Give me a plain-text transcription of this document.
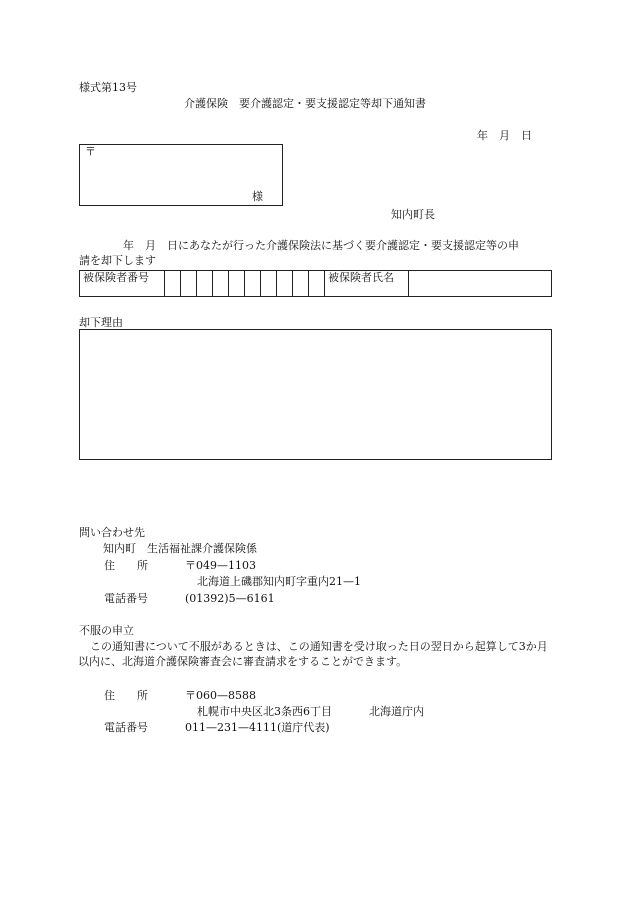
様式第13号
介護保険　要介護認定・要支援認定等却下通知書
年　月　日
〒
様
知内町長
年　月　日にあなたが行った介護保険法に基づく要介護認定・要支援認定等の申
請を却下します
被保険者番号											被保険者氏名	
却下理由
問い合わせ先
知内町　生活福祉課介護保険係
住　　所	〒049—1103
北海道上磯郡知内町字重内21—1
電話番号	(01392)5—6161
不服の申立
この通知書について不服があるときは、この通知書を受け取った日の翌日から起算して3か月以内に、北海道介護保険審査会に審査請求をすることができます。
住　　所	〒060—8588
札幌市中央区北3条西6丁目	北海道庁内
電話番号	011—231—4111(道庁代表)
